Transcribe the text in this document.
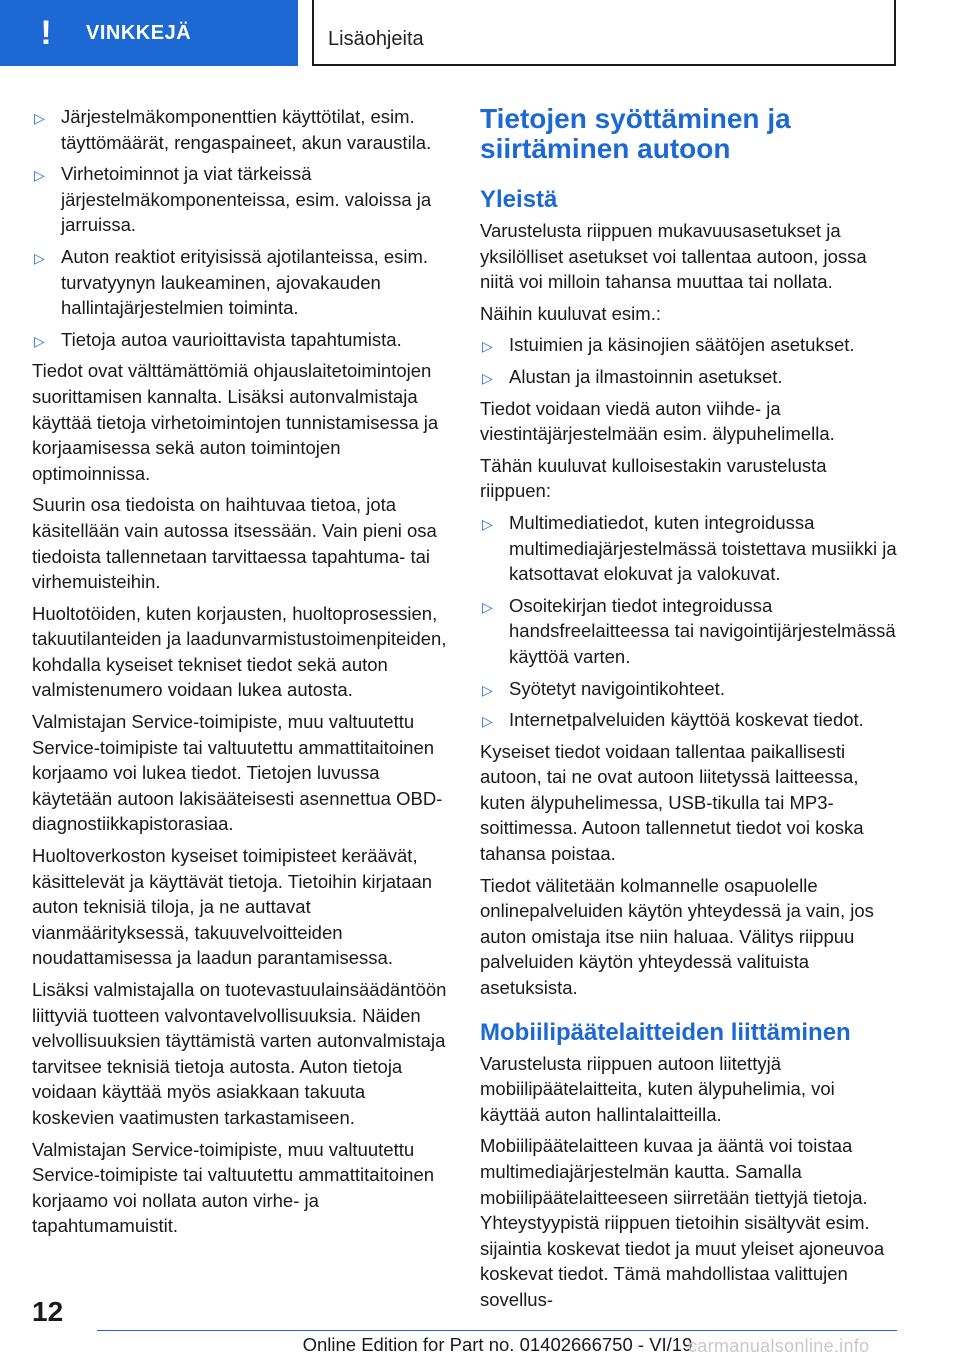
! VINKKEJÄ	Lisäohjeita
▷ Järjestelmäkomponenttien käyttötilat, esim. täyttömäärät, rengaspaineet, akun varaustila.
▷ Virhetoiminnot ja viat tärkeissä järjestelmäkomponenteissa, esim. valoissa ja jarruissa.
▷ Auton reaktiot erityisissä ajotilanteissa, esim. turvatyynyn laukeaminen, ajovakauden hallintajärjestelmien toiminta.
▷ Tietoja autoa vaurioittavista tapahtumista.

Tiedot ovat välttämättömiä ohjauslaitetoimintojen suorittamisen kannalta. Lisäksi autonvalmistaja käyttää tietoja virhetoimintojen tunnistamisessa ja korjaamisessa sekä auton toimintojen optimoinnissa.

Suurin osa tiedoista on haihtuvaa tietoa, jota käsitellään vain autossa itsessään. Vain pieni osa tiedoista tallennetaan tarvittaessa tapahtuma- tai virhemuisteihin.

Huoltotöiden, kuten korjausten, huoltoprosessien, takuutilanteiden ja laadunvarmistustoimenpiteiden, kohdalla kyseiset tekniset tiedot sekä auton valmistenumero voidaan lukea autosta.

Valmistajan Service-toimipiste, muu valtuutettu Service-toimipiste tai valtuutettu ammattitaitoinen korjaamo voi lukea tiedot. Tietojen luvussa käytetään autoon lakisääteisesti asennettua OBD-diagnostiikkapistorasiaa.

Huoltoverkoston kyseiset toimipisteet keräävät, käsittelevät ja käyttävät tietoja. Tietoihin kirjataan auton teknisiä tiloja, ja ne auttavat vianmäärityksessä, takuuvelvoitteiden noudattamisessa ja laadun parantamisessa.

Lisäksi valmistajalla on tuotevastuulainsäädäntöön liittyviä tuotteen valvontavelvollisuuksia. Näiden velvollisuuksien täyttämistä varten autonvalmistaja tarvitsee teknisiä tietoja autosta. Auton tietoja voidaan käyttää myös asiakkaan takuuta koskevien vaatimusten tarkastamiseen.

Valmistajan Service-toimipiste, muu valtuutettu Service-toimipiste tai valtuutettu ammattitaitoinen korjaamo voi nollata auton virhe- ja tapahtumamuistit.

Tietojen syöttäminen ja siirtäminen autoon
Yleistä

Varustelusta riippuen mukavuusasetukset ja yksilölliset asetukset voi tallentaa autoon, jossa niitä voi milloin tahansa muuttaa tai nollata.

Näihin kuuluvat esim.:

▷ Istuimien ja käsinojien säätöjen asetukset.
▷ Alustan ja ilmastoinnin asetukset.

Tiedot voidaan viedä auton viihde- ja viestintäjärjestelmään esim. älypuhelimella.

Tähän kuuluvat kulloisestakin varustelusta riippuen:

▷ Multimediatiedot, kuten integroidussa multimediajärjestelmässä toistettava musiikki ja katsottavat elokuvat ja valokuvat.
▷ Osoitekirjan tiedot integroidussa handsfreelaitteessa tai navigointijärjestelmässä käyttöä varten.
▷ Syötetyt navigointikohteet.
▷ Internetpalveluiden käyttöä koskevat tiedot.

Kyseiset tiedot voidaan tallentaa paikallisesti autoon, tai ne ovat autoon liitetyssä laitteessa, kuten älypuhelimessa, USB-tikulla tai MP3-soittimessa. Autoon tallennetut tiedot voi koska tahansa poistaa.

Tiedot välitetään kolmannelle osapuolelle onlinepalveluiden käytön yhteydessä ja vain, jos auton omistaja itse niin haluaa. Välitys riippuu palveluiden käytön yhteydessä valituista asetuksista.

Mobiilipäätelaitteiden liittäminen

Varustelusta riippuen autoon liitettyjä mobiilipäätelaitteita, kuten älypuhelimia, voi käyttää auton hallintalaitteilla.

Mobiilipäätelaitteen kuvaa ja ääntä voi toistaa multimediajärjestelmän kautta. Samalla mobiilipäätelaitteeseen siirretään tiettyjä tietoja. Yhteystyypistä riippuen tietoihin sisältyvät esim. sijaintia koskevat tiedot ja muut yleiset ajoneuvoa koskevat tiedot. Tämä mahdollistaa valittujen sovellus-

12
Online Edition for Part no. 01402666750 - VI/19
carmanualsonline.info
